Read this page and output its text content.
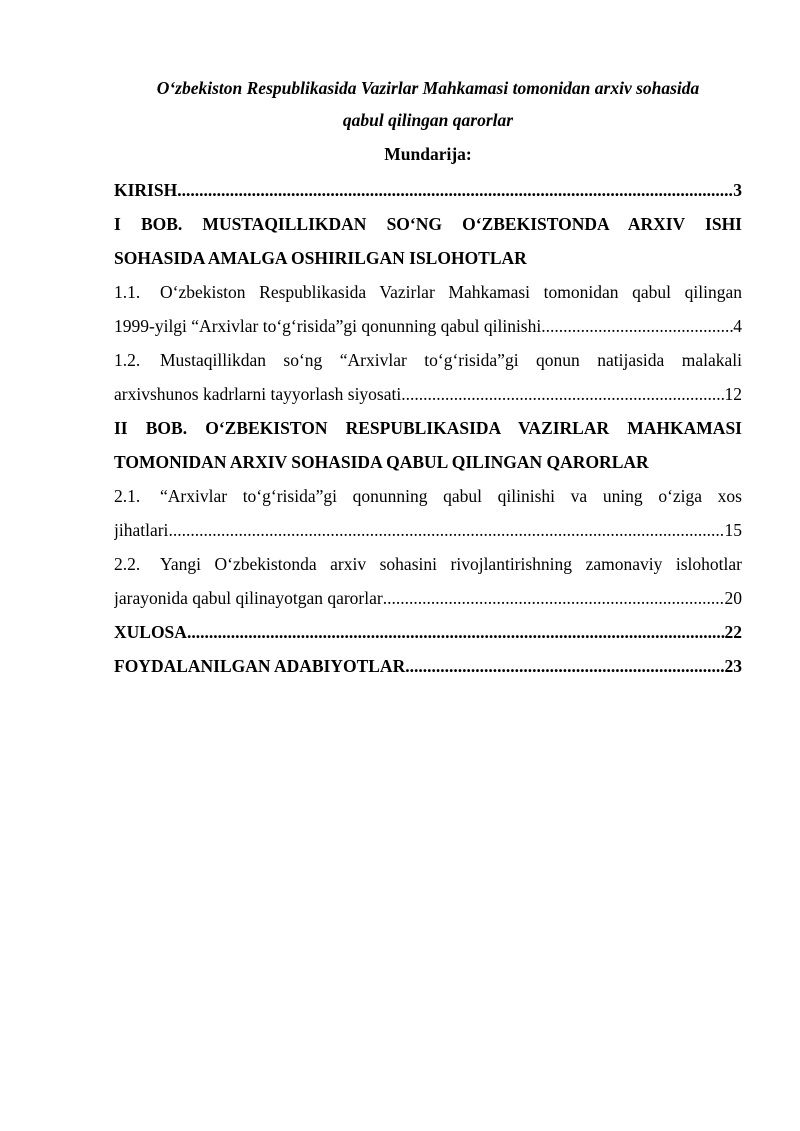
O‘zbekiston Respublikasida Vazirlar Mahkamasi tomonidan arxiv sohasida
qabul qilingan qarorlar

Mundarija:

KIRISH .....	3
I BOB. MUSTAQILLIKDAN SO‘NG O‘ZBEKISTONDA ARXIV ISHI
SOHASIDA AMALGA OSHIRILGAN ISLOHOTLAR
1.1.	O‘zbekiston Respublikasida Vazirlar Mahkamasi tomonidan qabul qilingan
1999-yilgi “Arxivlar to‘g‘risida”gi qonunning qabul qilinishi .....	4
1.2.	Mustaqillikdan so‘ng “Arxivlar to‘g‘risida”gi qonun natijasida malakali
arxivshunos kadrlarni tayyorlash siyosati .....	12
II BOB. O‘ZBEKISTON RESPUBLIKASIDA VAZIRLAR MAHKAMASI
TOMONIDAN ARXIV SOHASIDA QABUL QILINGAN QARORLAR
2.1.	“Arxivlar to‘g‘risida”gi qonunning qabul qilinishi va uning o‘ziga xos
jihatlari .....	15
2.2.	Yangi O‘zbekistonda arxiv sohasini rivojlantirishning zamonaviy islohotlar
jarayonida qabul qilinayotgan qarorlar .....	20
XULOSA .....	22
FOYDALANILGAN ADABIYOTLAR .....	23
